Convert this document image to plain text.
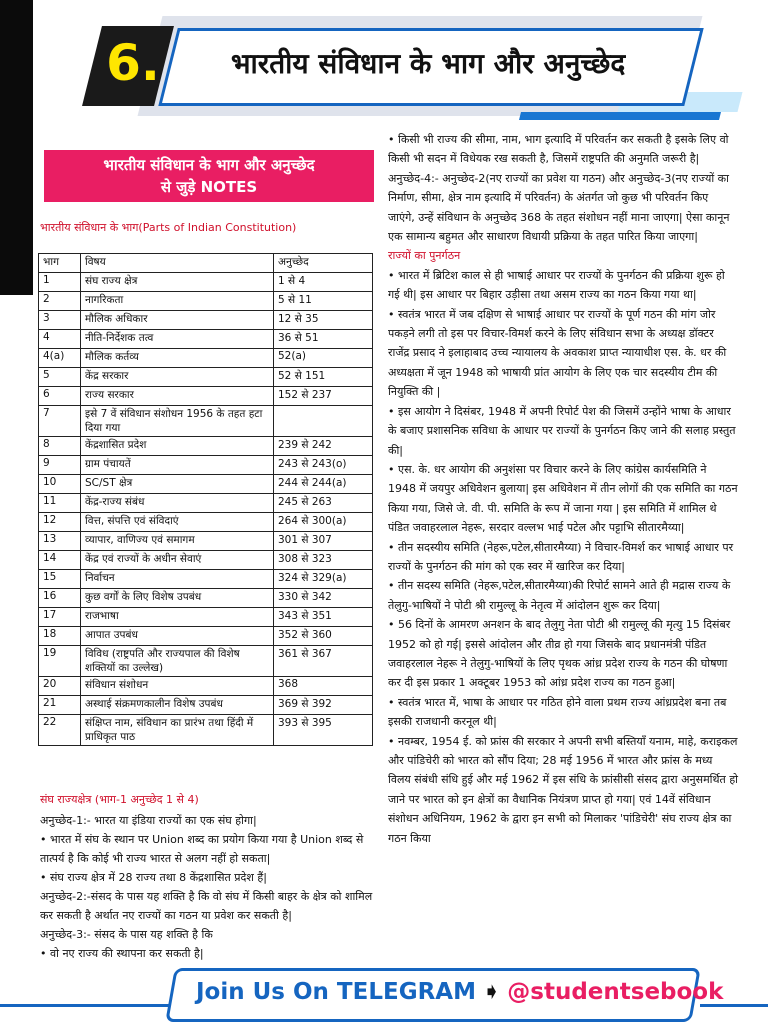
6.	भारतीय संविधान के भाग और अनुच्छेद
भारतीय संविधान के भाग और अनुच्छेद
से जुड़े NOTES
भारतीय संविधान के भाग(Parts of Indian Constitution)
भाग	विषय	अनुच्छेद
1	संघ राज्य क्षेत्र	1 से 4
2	नागरिकता	5 से 11
3	मौलिक अधिकार	12 से 35
4	नीति-निर्देशक तत्व	36 से 51
4(a)	मौलिक कर्तव्य	52(a)
5	केंद्र सरकार	52 से 151
6	राज्य सरकार	152 से 237
7	इसे 7 वें संविधान संशोधन 1956 के तहत हटा दिया गया	
8	केंद्रशासित प्रदेश	239 से 242
9	ग्राम पंचायतें	243 से 243(o)
10	SC/ST क्षेत्र	244 से 244(a)
11	केंद्र-राज्य संबंध	245 से 263
12	वित्त, संपत्ति एवं संविदाएं	264 से 300(a)
13	व्यापार, वाणिज्य एवं समागम	301 से 307
14	केंद्र एवं राज्यों के अधीन सेवाएं	308 से 323
15	निर्वाचन	324 से 329(a)
16	कुछ वर्गों के लिए विशेष उपबंध	330 से 342
17	राजभाषा	343 से 351
18	आपात उपबंध	352 से 360
19	विविध (राष्ट्रपति और राज्यपाल की विशेष शक्तियों का उल्लेख)	361 से 367
20	संविधान संशोधन	368
21	अस्थाई संक्रमणकालीन विशेष उपबंध	369 से 392
22	संक्षिप्त नाम, संविधान का प्रारंभ तथा हिंदी में प्राधिकृत पाठ	393 से 395

संघ राज्यक्षेत्र (भाग-1 अनुच्छेद 1 से 4)

अनुच्छेद-1:- भारत या इंडिया राज्यों का एक संघ होगा|

• भारत में संघ के स्थान पर Union शब्द का प्रयोग किया गया है Union शब्द से तात्पर्य है कि कोई भी राज्य भारत से अलग नहीं हो सकता|

• संघ राज्य क्षेत्र में 28 राज्य तथा 8 केंद्रशासित प्रदेश हैं|

अनुच्छेद-2:-संसद के पास यह शक्ति है कि वो संघ में किसी बाहर के क्षेत्र को शामिल कर सकती है अर्थात नए राज्यों का गठन या प्रवेश कर सकती है|

अनुच्छेद-3:- संसद के पास यह शक्ति है कि

• वो नए राज्य की स्थापना कर सकती है|

• किसी भी राज्य की सीमा, नाम, भाग इत्यादि में परिवर्तन कर सकती है इसके लिए वो किसी भी सदन में विधेयक रख सकती है, जिसमें राष्ट्रपति की अनुमति जरूरी है|

अनुच्छेद-4:- अनुच्छेद-2(नए राज्यों का प्रवेश या गठन) और अनुच्छेद-3(नए राज्यों का निर्माण, सीमा, क्षेत्र नाम इत्यादि में परिवर्तन) के अंतर्गत जो कुछ भी परिवर्तन किए जाएंगे, उन्हें संविधान के अनुच्छेद 368 के तहत संशोधन नहीं माना जाएगा| ऐसा कानून एक सामान्य बहुमत और साधारण विधायी प्रक्रिया के तहत पारित किया जाएगा|

राज्यों का पुनर्गठन

• भारत में ब्रिटिश काल से ही भाषाई आधार पर राज्यों के पुनर्गठन की प्रक्रिया शुरू हो गई थी| इस आधार पर बिहार उड़ीसा तथा असम राज्य का गठन किया गया था|

• स्वतंत्र भारत में जब दक्षिण से भाषाई आधार पर राज्यों के पूर्ण गठन की मांग जोर पकड़ने लगी तो इस पर विचार-विमर्श करने के लिए संविधान सभा के अध्यक्ष डॉक्टर राजेंद्र प्रसाद ने इलाहाबाद उच्च न्यायालय के अवकाश प्राप्त न्यायाधीश एस. के. धर की अध्यक्षता में जून 1948 को भाषायी प्रांत आयोग के लिए एक चार सदस्यीय टीम की नियुक्ति की |

• इस आयोग ने दिसंबर, 1948 में अपनी रिपोर्ट पेश की जिसमें उन्होंने भाषा के आधार के बजाए प्रशासनिक सविधा के आधार पर राज्यों के पुनर्गठन किए जाने की सलाह प्रस्तुत की|

• एस. के. धर आयोग की अनुशंसा पर विचार करने के लिए कांग्रेस कार्यसमिति ने 1948 में जयपुर अधिवेशन बुलाया| इस अधिवेशन में तीन लोगों की एक समिति का गठन किया गया, जिसे जे. वी. पी. समिति के रूप में जाना गया | इस समिति में शामिल थे पंडित जवाहरलाल नेहरू, सरदार वल्लभ भाई पटेल और पट्टाभि सीतारमैय्या|

• तीन सदस्यीय समिति (नेहरू,पटेल,सीतारमैय्या) ने विचार-विमर्श कर भाषाई आधार पर राज्यों के पुनर्गठन की मांग को एक स्वर में खारिज कर दिया|

• तीन सदस्य समिति (नेहरू,पटेल,सीतारमैय्या)की रिपोर्ट सामने आते ही मद्रास राज्य के तेलुगु-भाषियों ने पोटी श्री रामुल्लू के नेतृत्व में आंदोलन शुरू कर दिया|

• 56 दिनों के आमरण अनशन के बाद तेलुगु नेता पोटी श्री रामुल्लू की मृत्यु 15 दिसंबर 1952 को हो गई| इससे आंदोलन और तीव्र हो गया जिसके बाद प्रधानमंत्री पंडित जवाहरलाल नेहरू ने तेलुगु-भाषियों के लिए पृथक आंध्र प्रदेश राज्य के गठन की घोषणा कर दी इस प्रकार 1 अक्टूबर 1953 को आंध्र प्रदेश राज्य का गठन हुआ|

• स्वतंत्र भारत में, भाषा के आधार पर गठित होने वाला प्रथम राज्य आंध्रप्रदेश बना तब इसकी राजधानी करनूल थी|

• नवम्बर, 1954 ई. को फ्रांस की सरकार ने अपनी सभी बस्तियाँ यनाम, माहे, कराइकल और पांडिचेरी को भारत को सौंप दिया; 28 मई 1956 में भारत और फ्रांस के मध्य विलय संबंधी संधि हुई और मई 1962 में इस संधि के फ्रांसीसी संसद द्वारा अनुसमर्थित हो जाने पर भारत को इन क्षेत्रों का वैधानिक नियंत्रण प्राप्त हो गया| एवं 14वें संविधान संशोधन अधिनियम, 1962 के द्वारा इन सभी को मिलाकर 'पांडिचेरी' संघ राज्य क्षेत्र का गठन किया

Join Us On TELEGRAM ➧ @studentsebook
